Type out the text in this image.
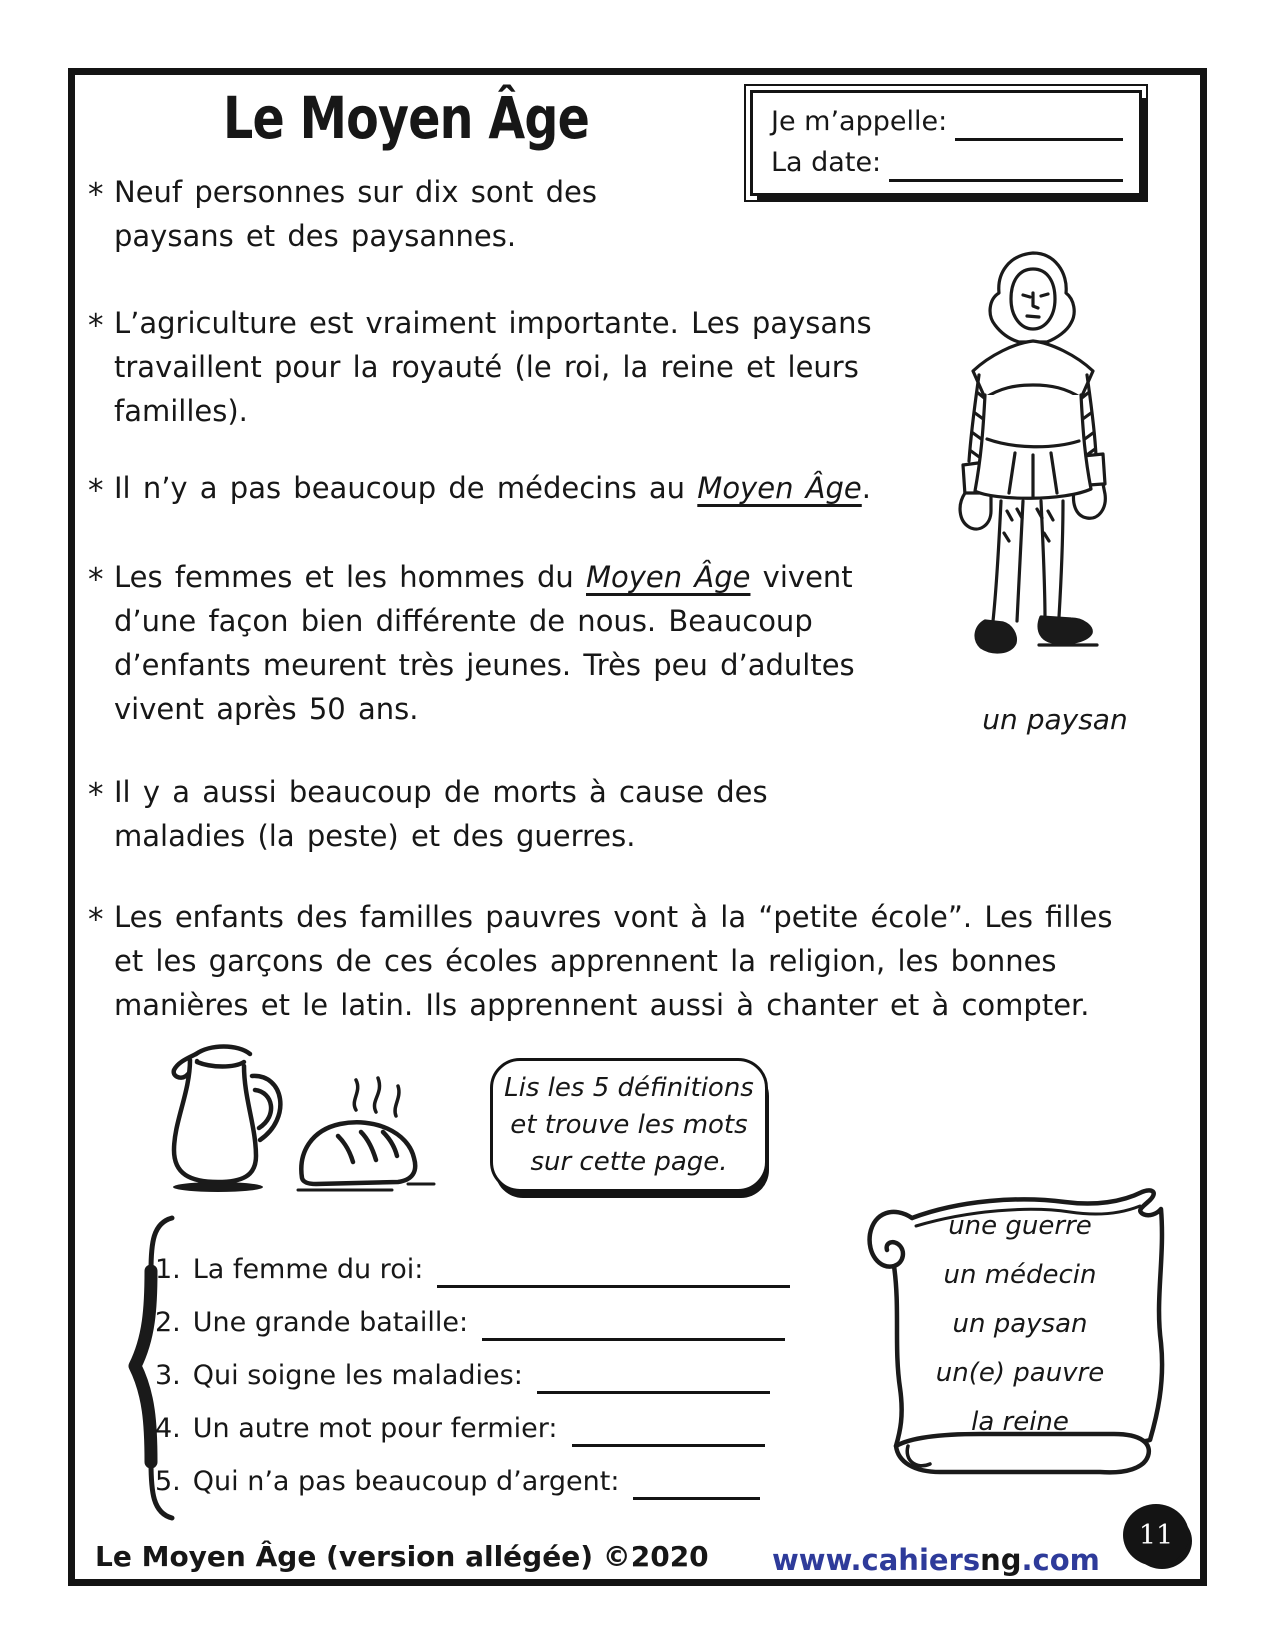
Le Moyen Âge	Je m’appelle:
La date:
* Neuf personnes sur dix sont des
paysans et des paysannes.
* L’agriculture est vraiment importante. Les paysans
travaillent pour la royauté (le roi, la reine et leurs
familles).
* Il n’y a pas beaucoup de médecins au Moyen Âge.
* Les femmes et les hommes du Moyen Âge vivent
d’une façon bien différente de nous. Beaucoup
d’enfants meurent très jeunes. Très peu d’adultes
vivent après 50 ans.
* Il y a aussi beaucoup de morts à cause des
maladies (la peste) et des guerres.
* Les enfants des familles pauvres vont à la “petite école”. Les filles
et les garçons de ces écoles apprennent la religion, les bonnes
manières et le latin. Ils apprennent aussi à chanter et à compter.
un paysan
Lis les 5 définitions
et trouve les mots
sur cette page.
1. La femme du roi:
2. Une grande bataille:
3. Qui soigne les maladies:
4. Un autre mot pour fermier:
5. Qui n’a pas beaucoup d’argent:
une guerre
un médecin
un paysan
un(e) pauvre
la reine
Le Moyen Âge (version allégée) ©2020 www.cahiersng.com
11
